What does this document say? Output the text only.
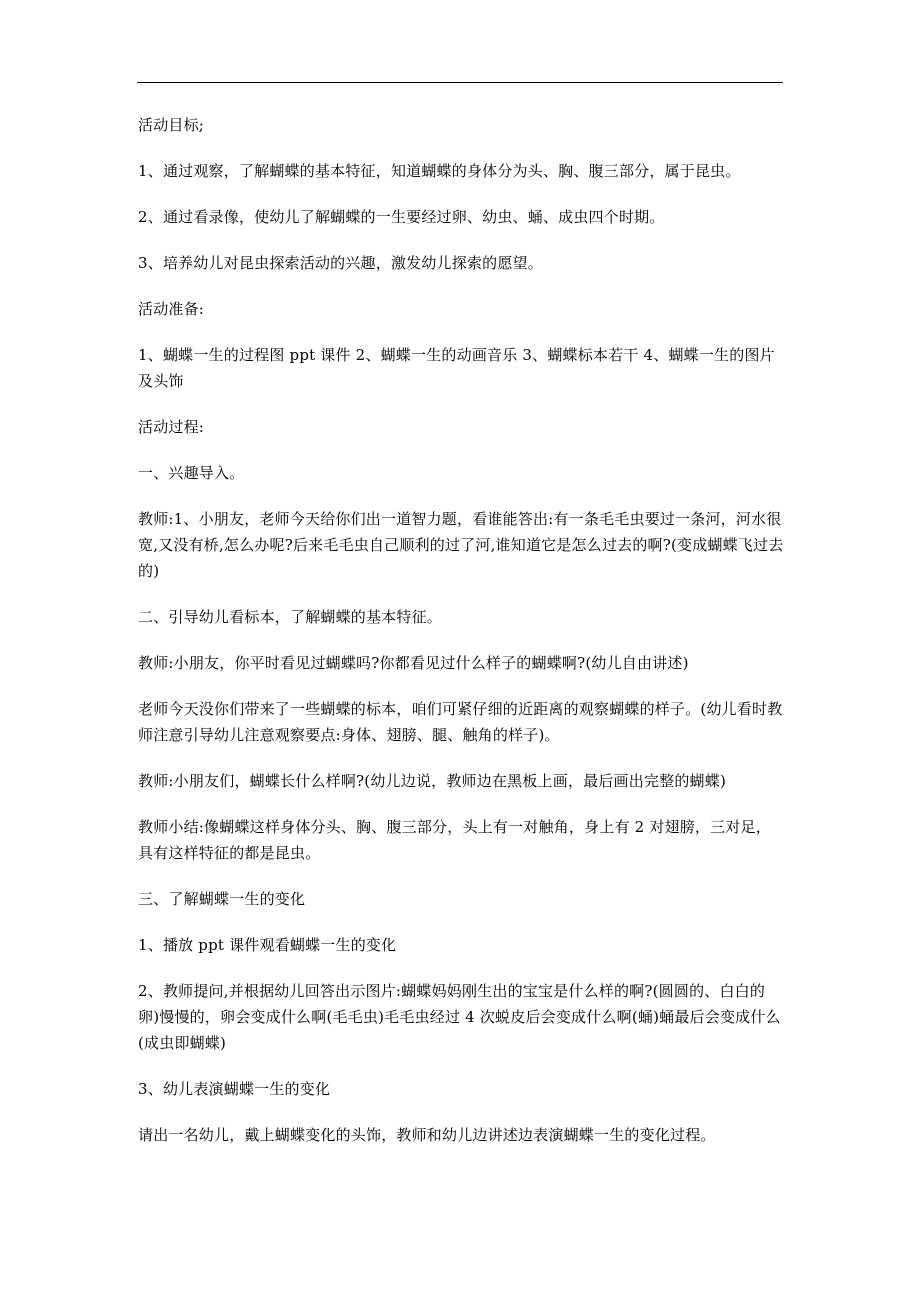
活动目标;

1、通过观察，了解蝴蝶的基本特征，知道蝴蝶的身体分为头、胸、腹三部分，属于昆虫。

2、通过看录像，使幼儿了解蝴蝶的一生要经过卵、幼虫、蛹、成虫四个时期。

3、培养幼儿对昆虫探索活动的兴趣，激发幼儿探索的愿望。

活动准备:

1、蝴蝶一生的过程图 ppt 课件 2、蝴蝶一生的动画音乐 3、蝴蝶标本若干 4、蝴蝶一生的图片及头饰

活动过程:

一、兴趣导入。

教师:1、小朋友，老师今天给你们出一道智力题，看谁能答出:有一条毛毛虫要过一条河，河水很宽,又没有桥,怎么办呢?后来毛毛虫自己顺利的过了河,谁知道它是怎么过去的啊?(变成蝴蝶飞过去的)

二、引导幼儿看标本，了解蝴蝶的基本特征。

教师:小朋友，你平时看见过蝴蝶吗?你都看见过什么样子的蝴蝶啊?(幼儿自由讲述)

老师今天没你们带来了一些蝴蝶的标本，咱们可紧仔细的近距离的观察蝴蝶的样子。(幼儿看时教师注意引导幼儿注意观察要点:身体、翅膀、腿、触角的样子)。

教师:小朋友们，蝴蝶长什么样啊?(幼儿边说，教师边在黑板上画，最后画出完整的蝴蝶)

教师小结:像蝴蝶这样身体分头、胸、腹三部分，头上有一对触角，身上有 2 对翅膀，三对足，具有这样特征的都是昆虫。

三、了解蝴蝶一生的变化

1、播放 ppt 课件观看蝴蝶一生的变化

2、教师提问,并根据幼儿回答出示图片:蝴蝶妈妈刚生出的宝宝是什么样的啊?(圆圆的、白白的卵)慢慢的，卵会变成什么啊(毛毛虫)毛毛虫经过 4 次蜕皮后会变成什么啊(蛹)蛹最后会变成什么(成虫即蝴蝶)

3、幼儿表演蝴蝶一生的变化

请出一名幼儿，戴上蝴蝶变化的头饰，教师和幼儿边讲述边表演蝴蝶一生的变化过程。
